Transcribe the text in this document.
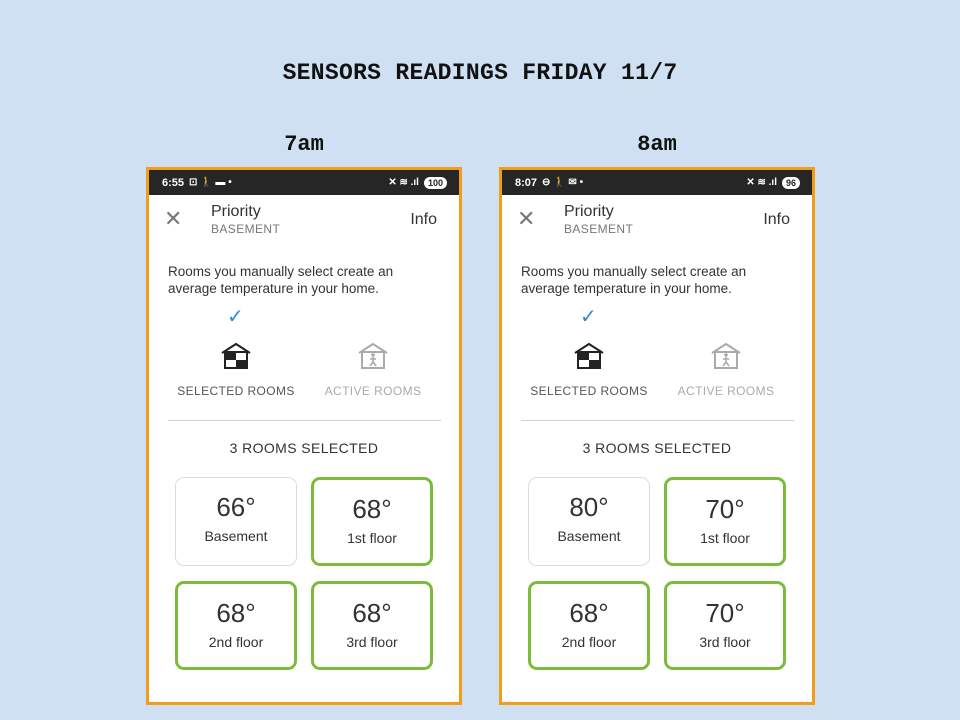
SENSORS READINGS FRIDAY 11/7
7am
6:55 ⊡ 🚶 ▬ •	✕ ≋ .ıl	100
✕ Priority
BASEMENT
Info
Rooms you manually select create an average temperature in your home.
✓
SELECTED ROOMS	ACTIVE ROOMS
3 ROOMS SELECTED
66°
Basement
68°
1st floor
68°
2nd floor
68°
3rd floor
8am
8:07 ⊖ 🚶 ✉ •	✕ ≋ .ıl	96
✕ Priority
BASEMENT
Info
Rooms you manually select create an average temperature in your home.
✓
SELECTED ROOMS	ACTIVE ROOMS
3 ROOMS SELECTED
80°
Basement
70°
1st floor
68°
2nd floor
70°
3rd floor
